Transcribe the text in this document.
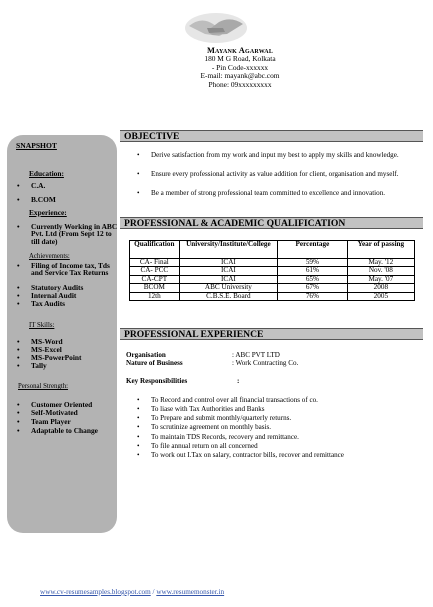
Mayank Agarwal
180 M G Road, Kolkata
- Pin Code-xxxxxx
E-mail: mayank@abc.com
Phone: 09xxxxxxxxx
SNAPSHOT
Education:
• C.A.
• B.COM
Experience:
• Currently Working in ABC Pvt. Ltd (From Sept 12 to till date)
Achievements:
• Filing of Income tax, Tds and Service Tax Returns
• Statutory Audits
• Internal Audit
• Tax Audits
IT Skills:
• MS-Word
• MS-Excel
• MS-PowerPoint
• Tally
Personal Strength:
• Customer Oriented
• Self-Motivated
• Team Player
• Adaptable to Change
OBJECTIVE
• Derive satisfaction from my work and input my best to apply my skills and knowledge.
• Ensure every professional activity as value addition for client, organisation and myself.
• Be a member of strong professional team committed to excellence and innovation.
PROFESSIONAL & ACADEMIC QUALIFICATION
Qualification	University/Institute/College	Percentage	Year of passing
CA- Final	ICAI	59%	May. '12
CA- PCC	ICAI	61%	Nov. '08
CA-CPT	ICAI	65%	May. '07
BCOM	ABC University	67%	2008
12th	C.B.S.E. Board	76%	2005
PROFESSIONAL EXPERIENCE
Organisation	: ABC PVT LTD
Nature of Business	: Work Contracting Co.
Key Responsibilities	:
• To Record and control over all financial transactions of co.
• To liase with Tax Authorities and Banks
• To Prepare and submit monthly/quarterly returns.
• To scrutinize agreement on monthly basis.
• To maintain TDS Records, recovery and remittance.
• To file annual return on all concerned
• To work out I.Tax on salary, contractor bills, recover and remittance
www.cv-resumesamples.blogspot.com / www.resumemonster.in
